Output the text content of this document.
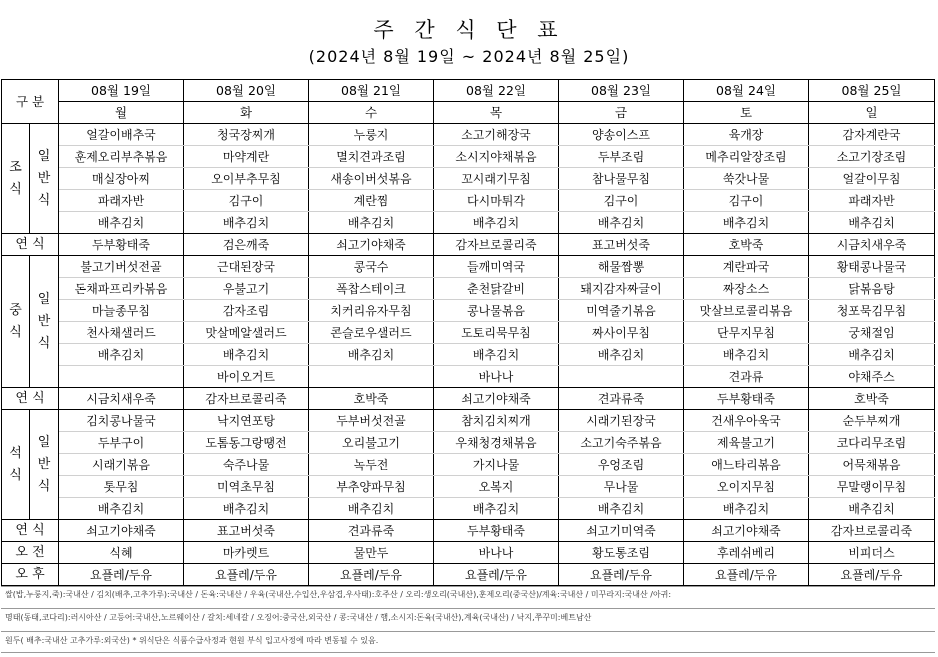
주 간 식 단 표
(2024년 8월 19일 ~ 2024년 8월 25일)
구 분		08월 19일	08월 20일	08월 21일	08월 22일	08월 23일	08월 24일	08월 25일
		월	화	수	목	금	토	일

조
식	일
반
식	얼갈이배추국	청국장찌개	누룽지	소고기해장국	양송이스프	육개장	감자계란국
		훈제오리부추볶음	마약계란	멸치견과조림	소시지야채볶음	두부조림	메추리알장조림	소고기장조림
		매실장아찌	오이부추무침	새송이버섯볶음	꼬시래기무침	참나물무침	쑥갓나물	얼갈이무침
		파래자반	김구이	계란찜	다시마튀각	김구이	김구이	파래자반
		배추김치	배추김치	배추김치	배추김치	배추김치	배추김치	배추김치
연 식		두부황태죽	검은깨죽	쇠고기야채죽	감자브로콜리죽	표고버섯죽	호박죽	시금치새우죽

중
식	일
반
식	불고기버섯전골	근대된장국	콩국수	들깨미역국	해물짬뽕	계란파국	황태콩나물국
		돈채파프리카볶음	우불고기	폭찹스테이크	춘천닭갈비	돼지감자짜글이	짜장소스	닭볶음탕
		마늘종무침	감자조림	치커리유자무침	콩나물볶음	미역줄기볶음	맛살브로콜리볶음	청포묵김무침
		천사채샐러드	맛살메알샐러드	콘슬로우샐러드	도토리묵무침	짜사이무침	단무지무침	궁채절임
		배추김치	배추김치	배추김치	배추김치	배추김치	배추김치	배추김치
			바이오거트		바나나		견과류	야채주스
연 식		시금치새우죽	감자브로콜리죽	호박죽	쇠고기야채죽	견과류죽	두부황태죽	호박죽

석
식	일
반
식	김치콩나물국	낙지연포탕	두부버섯전골	참치김치찌개	시래기된장국	건새우아욱국	순두부찌개
		두부구이	도톰동그랑땡전	오리불고기	우채청경채볶음	소고기숙주볶음	제육불고기	코다리무조림
		시래기볶음	숙주나물	녹두전	가지나물	우엉조림	애느타리볶음	어묵채볶음
		톳무침	미역초무침	부추양파무침	오복지	무나물	오이지무침	무말랭이무침
		배추김치	배추김치	배추김치	배추김치	배추김치	배추김치	배추김치
연 식		쇠고기야채죽	표고버섯죽	견과류죽	두부황태죽	쇠고기미역죽	쇠고기야채죽	감자브로콜리죽
오 전		식혜	마카렛트	물만두	바나나	황도통조림	후레쉬베리	비피더스
오 후		요플레/두유	요플레/두유	요플레/두유	요플레/두유	요플레/두유	요플레/두유	요플레/두유
쌀(밥,누룽지,죽):국내산 / 김치(배추,고추가루):국내산 / 돈육:국내산 / 우육(국내산,수입산,우삼겹,우사태):호주산 / 오리:생오리(국내산),훈제오리(중국산)/계육:국내산 / 미꾸라지:국내산 /아귀:
명태(동태,코다리):러시아산 / 고등어:국내산,노르웨이산 / 갈치:세네갈 / 오징어:중국산,외국산 / 콩:국내산 / 햄,소시지:돈육(국내산),계육(국내산) / 낙지,쭈꾸미:베트남산
원두( 배추:국내산 고추가루:외국산) * 위식단은 식품수급사정과 현원 부식 입고사정에 따라 변동될 수 있음.
